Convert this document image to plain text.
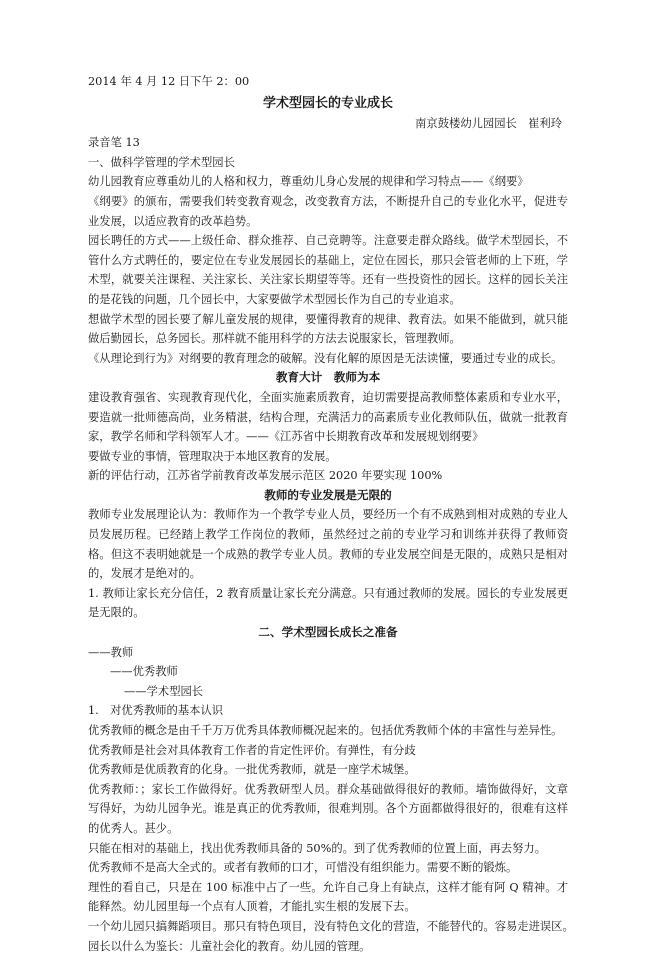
2014 年 4 月 12 日下午 2：00
学术型园长的专业成长
南京鼓楼幼儿园园长　崔利玲
录音笔 13
一、做科学管理的学术型园长
幼儿园教育应尊重幼儿的人格和权力，尊重幼儿身心发展的规律和学习特点——《纲要》
《纲要》的颁布，需要我们转变教育观念，改变教育方法，不断提升自己的专业化水平，促进专业发展，以适应教育的改革趋势。
园长聘任的方式——上级任命、群众推荐、自己竞聘等。注意要走群众路线。做学术型园长，不管什么方式聘任的，要定位在专业发展园长的基础上，定位在园长，那只会管老师的上下班，学术型，就要关注课程、关注家长、关注家长期望等等。还有一些投资性的园长。这样的园长关注的是花钱的问题，几个园长中，大家要做学术型园长作为自己的专业追求。
想做学术型的园长要了解儿童发展的规律，要懂得教育的规律、教育法。如果不能做到，就只能做后勤园长，总务园长。那样就不能用科学的方法去说服家长，管理教师。
《从理论到行为》对纲要的教育理念的破解。没有化解的原因是无法读懂，要通过专业的成长。
教育大计　教师为本
建设教育强省、实现教育现代化，全面实施素质教育，迫切需要提高教师整体素质和专业水平，要造就一批师德高尚，业务精湛，结构合理，充满活力的高素质专业化教师队伍，做就一批教育家，教学名师和学科领军人才。——《江苏省中长期教育改革和发展规划纲要》
要做专业的事情，管理取决于本地区教育的发展。
新的评估行动，江苏省学前教育改革发展示范区 2020 年要实现 100%
教师的专业发展是无限的
教师专业发展理论认为：教师作为一个教学专业人员，要经历一个有不成熟到相对成熟的专业人员发展历程。已经踏上教学工作岗位的教师，虽然经过之前的专业学习和训练并获得了教师资格。但这不表明她就是一个成熟的教学专业人员。教师的专业发展空间是无限的，成熟只是相对的，发展才是绝对的。
1. 教师让家长充分信任，2 教育质量让家长充分满意。只有通过教师的发展。园长的专业发展更是无限的。
二、学术型园长成长之准备
——教师
——优秀教师
——学术型园长
1.　对优秀教师的基本认识
优秀教师的概念是由千千万万优秀具体教师概况起来的。包括优秀教师个体的丰富性与差异性。
优秀教师是社会对具体教育工作者的肯定性评价。有弹性，有分歧
优秀教师是优质教育的化身。一批优秀教师，就是一座学术城堡。
优秀教师：；家长工作做得好。优秀教研型人员。群众基础做得很好的教师。墙饰做得好，文章写得好，为幼儿园争光。谁是真正的优秀教师，很难判別。各个方面都做得很好的，很难有这样的优秀人。甚少。
只能在相对的基础上，找出优秀教师具备的 50%的。到了优秀教师的位置上面，再去努力。
优秀教师不是高大全式的。或者有教师的口才，可惜没有组织能力。需要不断的锻炼。
理性的看自己，只是在 100 标准中占了一些。允许自己身上有缺点，这样才能有阿 Q 精神。才能释然。幼儿园里每一个点有人顶着，才能扎实生根的发展下去。
一个幼儿园只搞舞蹈项目。那只有特色项目，没有特色文化的营造，不能替代的。容易走进误区。
园长以什么为鉴长：儿童社会化的教育。幼儿园的管理。
